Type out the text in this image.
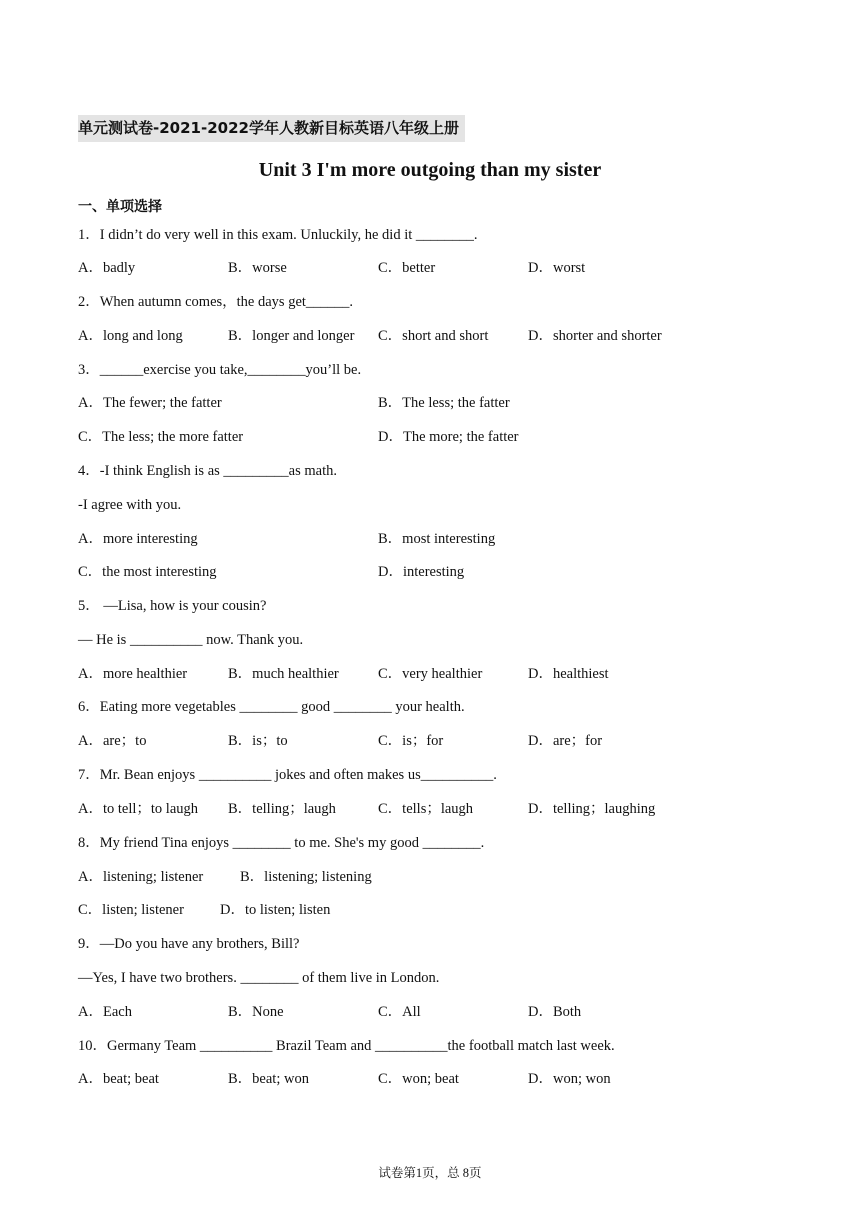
单元测试卷-2021-2022学年人教新目标英语八年级上册
Unit 3 I'm more outgoing than my sister
一、单项选择
1．I didn’t do very well in this exam. Unluckily, he did it ________.
A．badly	B．worse	C．better	D．worst
2．When autumn comes，the days get______.
A．long and long	B．longer and longer C．short and short	D．shorter and shorter
3．______exercise you take,________you’ll be.
A．The fewer; the fatter	B．The less; the fatter
C．The less; the more fatter	D．The more; the fatter
4．-I think English is as _________as math.
-I agree with you.
A．more interesting	B．most interesting
C．the most interesting	D．interesting
5． —Lisa, how is your cousin?
— He is __________ now. Thank you.
A．more healthier	B．much healthier	C．very healthier	D．healthiest
6．Eating more vegetables ________ good ________ your health.
A．are；to	B．is；to	C．is；for	D．are；for
7．Mr. Bean enjoys __________ jokes and often makes us__________.
A．to tell；to laugh B．telling；laugh	C．tells；laugh	D．telling；laughing
8．My friend Tina enjoys ________ to me. She's my good ________.
A．listening; listener	B．listening; listening
C．listen; listener D．to listen; listen
9．—Do you have any brothers, Bill?
—Yes, I have two brothers. ________ of them live in London.
A．Each	B．None	C．All	D．Both
10．Germany Team __________ Brazil Team and __________the football match last week.
A．beat; beat	B．beat; won	C．won; beat	D．won; won
试卷第1页，总 8页
